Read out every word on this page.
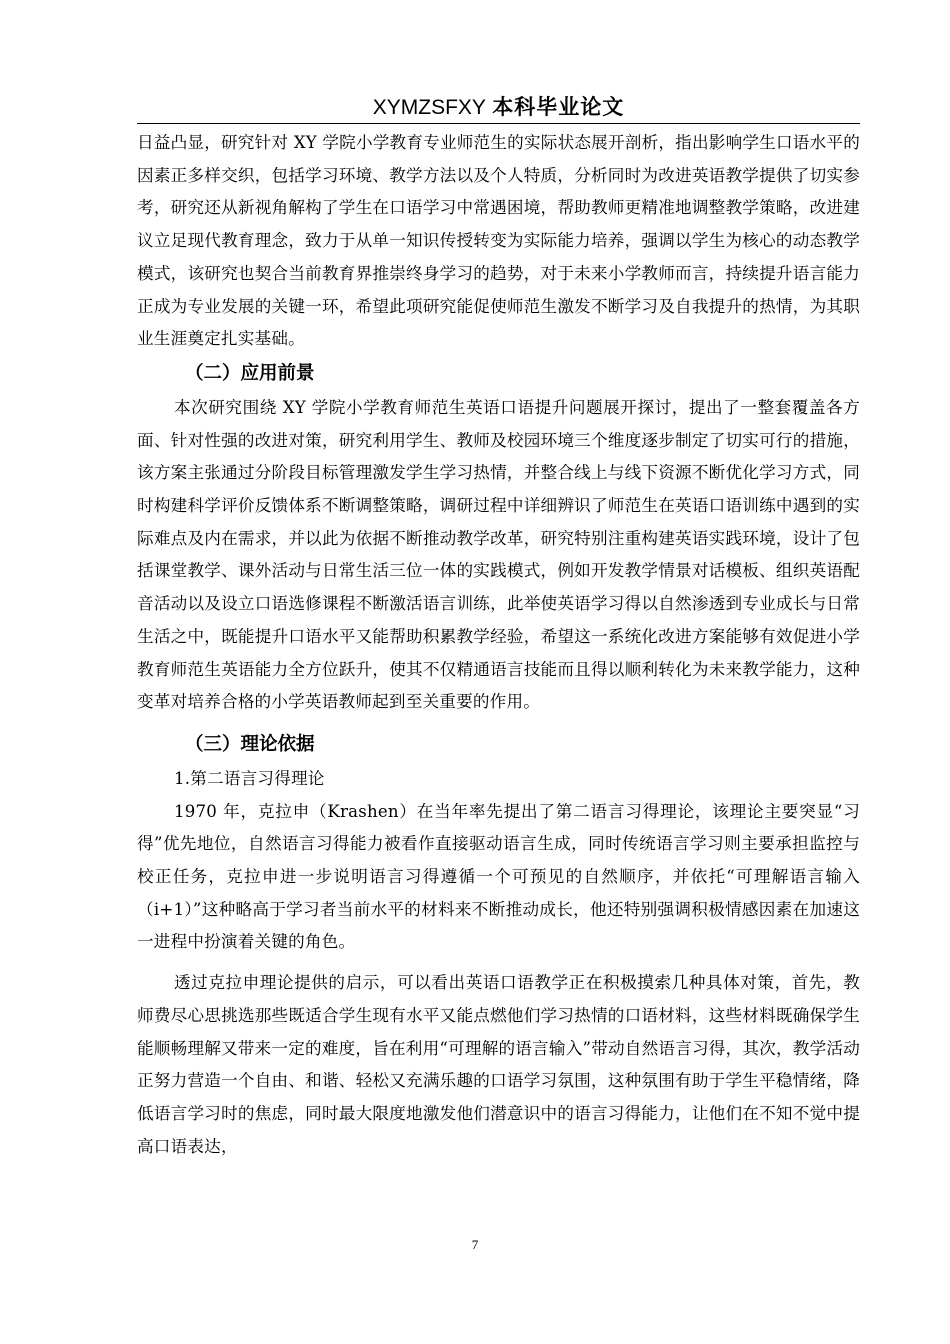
XYMZSFXY 本科毕业论文

日益凸显，研究针对 XY 学院小学教育专业师范生的实际状态展开剖析，指出影响学生口语水平的因素正多样交织，包括学习环境、教学方法以及个人特质，分析同时为改进英语教学提供了切实参考，研究还从新视角解构了学生在口语学习中常遇困境，帮助教师更精准地调整教学策略，改进建议立足现代教育理念，致力于从单一知识传授转变为实际能力培养，强调以学生为核心的动态教学模式，该研究也契合当前教育界推崇终身学习的趋势，对于未来小学教师而言，持续提升语言能力正成为专业发展的关键一环，希望此项研究能促使师范生激发不断学习及自我提升的热情，为其职业生涯奠定扎实基础。

（二）应用前景

本次研究围绕 XY 学院小学教育师范生英语口语提升问题展开探讨，提出了一整套覆盖各方面、针对性强的改进对策，研究利用学生、教师及校园环境三个维度逐步制定了切实可行的措施，该方案主张通过分阶段目标管理激发学生学习热情，并整合线上与线下资源不断优化学习方式，同时构建科学评价反馈体系不断调整策略，调研过程中详细辨识了师范生在英语口语训练中遇到的实际难点及内在需求，并以此为依据不断推动教学改革，研究特别注重构建英语实践环境，设计了包括课堂教学、课外活动与日常生活三位一体的实践模式，例如开发教学情景对话模板、组织英语配音活动以及设立口语选修课程不断激活语言训练，此举使英语学习得以自然渗透到专业成长与日常生活之中，既能提升口语水平又能帮助积累教学经验，希望这一系统化改进方案能够有效促进小学教育师范生英语能力全方位跃升，使其不仅精通语言技能而且得以顺利转化为未来教学能力，这种变革对培养合格的小学英语教师起到至关重要的作用。

（三）理论依据

1.第二语言习得理论

1970 年，克拉申（Krashen）在当年率先提出了第二语言习得理论，该理论主要突显“习得”优先地位，自然语言习得能力被看作直接驱动语言生成，同时传统语言学习则主要承担监控与校正任务，克拉申进一步说明语言习得遵循一个可预见的自然顺序，并依托“可理解语言输入（i+1）”这种略高于学习者当前水平的材料来不断推动成长，他还特别强调积极情感因素在加速这一进程中扮演着关键的角色。

透过克拉申理论提供的启示，可以看出英语口语教学正在积极摸索几种具体对策，首先，教师费尽心思挑选那些既适合学生现有水平又能点燃他们学习热情的口语材料，这些材料既确保学生能顺畅理解又带来一定的难度，旨在利用“可理解的语言输入”带动自然语言习得，其次，教学活动正努力营造一个自由、和谐、轻松又充满乐趣的口语学习氛围，这种氛围有助于学生平稳情绪，降低语言学习时的焦虑，同时最大限度地激发他们潜意识中的语言习得能力，让他们在不知不觉中提高口语表达，

7
